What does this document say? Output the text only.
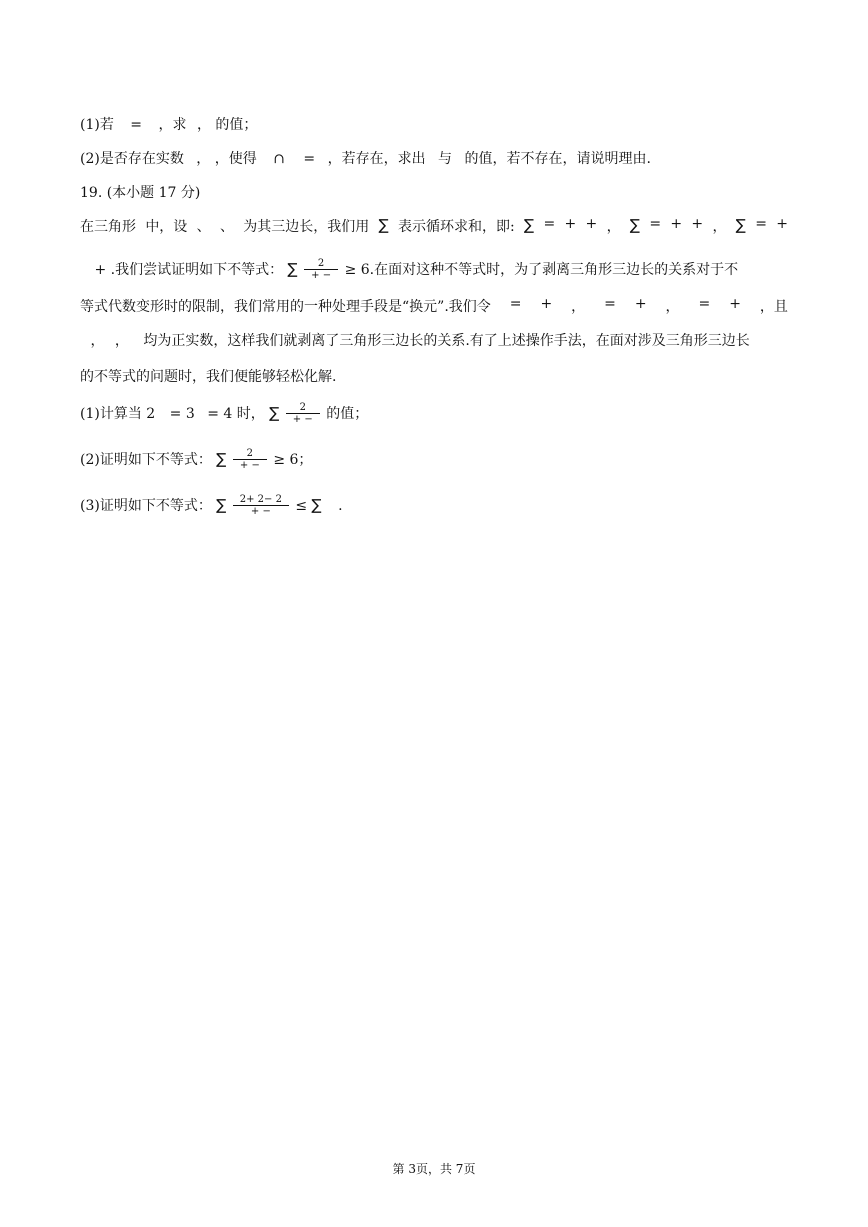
(1)若 = ，求 ， 的值；
(2)是否存在实数 ， ，使得 ∩ = ，若存在，求出 与 的值，若不存在，请说明理由.
19. (本小题 17 分)
在三角形 中，设 、 、 为其三边长，我们用 ∑ 表示循环求和，即: ∑ = + + ， ∑ = + + ， ∑ = +
+ .我们尝试证明如下不等式： ∑ $\frac{2}{+ -} \ge 6$.在面对这种不等式时，为了剥离三角形三边长的关系对于不
等式代数变形时的限制，我们常用的一种处理手段是“换元”.我们令 = + ， = + ， = + ，且
， ， 均为正实数，这样我们就剥离了三角形三边长的关系.有了上述操作手法，在面对涉及三角形三边长
的不等式的问题时，我们便能够轻松化解.
(1)计算当 2 = 3 = 4 时， ∑ $\frac{2}{+ -}$ 的值；
(2)证明如下不等式： ∑ $\frac{2}{+ -} \ge 6$；
(3)证明如下不等式： ∑ $\frac{2+ 2- 2}{+ -}$ ≤ ∑ .
第 3页，共 7页
